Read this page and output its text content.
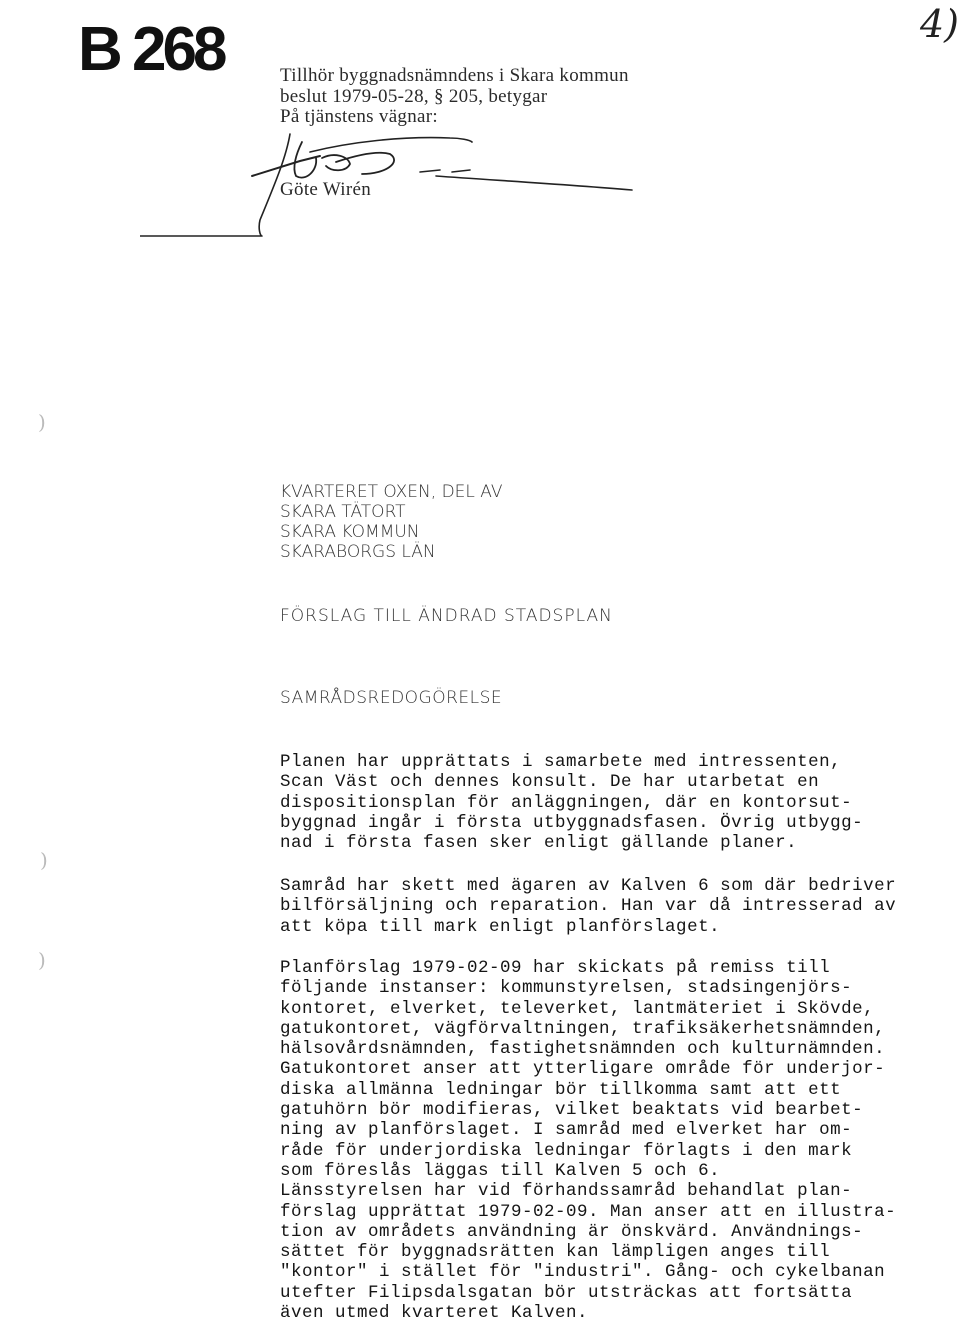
B 268	4)
Tillhör byggnadsnämndens i Skara kommun
beslut 1979-05-28, § 205, betygar
På tjänstens vägnar:
Göte Wirén
KVARTERET OXEN, DEL AV
SKARA TÄTORT
SKARA KOMMUN
SKARABORGS LÄN
FÖRSLAG TILL ÄNDRAD STADSPLAN
SAMRÅDSREDOGÖRELSE
Planen har upprättats i samarbete med intressenten,
Scan Väst och dennes konsult. De har utarbetat en
dispositionsplan för anläggningen, där en kontorsut-
byggnad ingår i första utbyggnadsfasen. Övrig utbygg-
nad i första fasen sker enligt gällande planer.
Samråd har skett med ägaren av Kalven 6 som där bedriver
bilförsäljning och reparation. Han var då intresserad av
att köpa till mark enligt planförslaget.
Planförslag 1979-02-09 har skickats på remiss till
följande instanser: kommunstyrelsen, stadsingenjörs-
kontoret, elverket, televerket, lantmäteriet i Skövde,
gatukontoret, vägförvaltningen, trafiksäkerhetsnämnden,
hälsovårdsnämnden, fastighetsnämnden och kulturnämnden.
Gatukontoret anser att ytterligare område för underjor-
diska allmänna ledningar bör tillkomma samt att ett
gatuhörn bör modifieras, vilket beaktats vid bearbet-
ning av planförslaget. I samråd med elverket har om-
råde för underjordiska ledningar förlagts i den mark
som föreslås läggas till Kalven 5 och 6.
Länsstyrelsen har vid förhandssamråd behandlat plan-
förslag upprättat 1979-02-09. Man anser att en illustra-
tion av områdets användning är önskvärd. Användnings-
sättet för byggnadsrätten kan lämpligen anges till
"kontor" i stället för "industri". Gång- och cykelbanan
utefter Filipsdalsgatan bör utsträckas att fortsätta
även utmed kvarteret Kalven.
)
)
)
